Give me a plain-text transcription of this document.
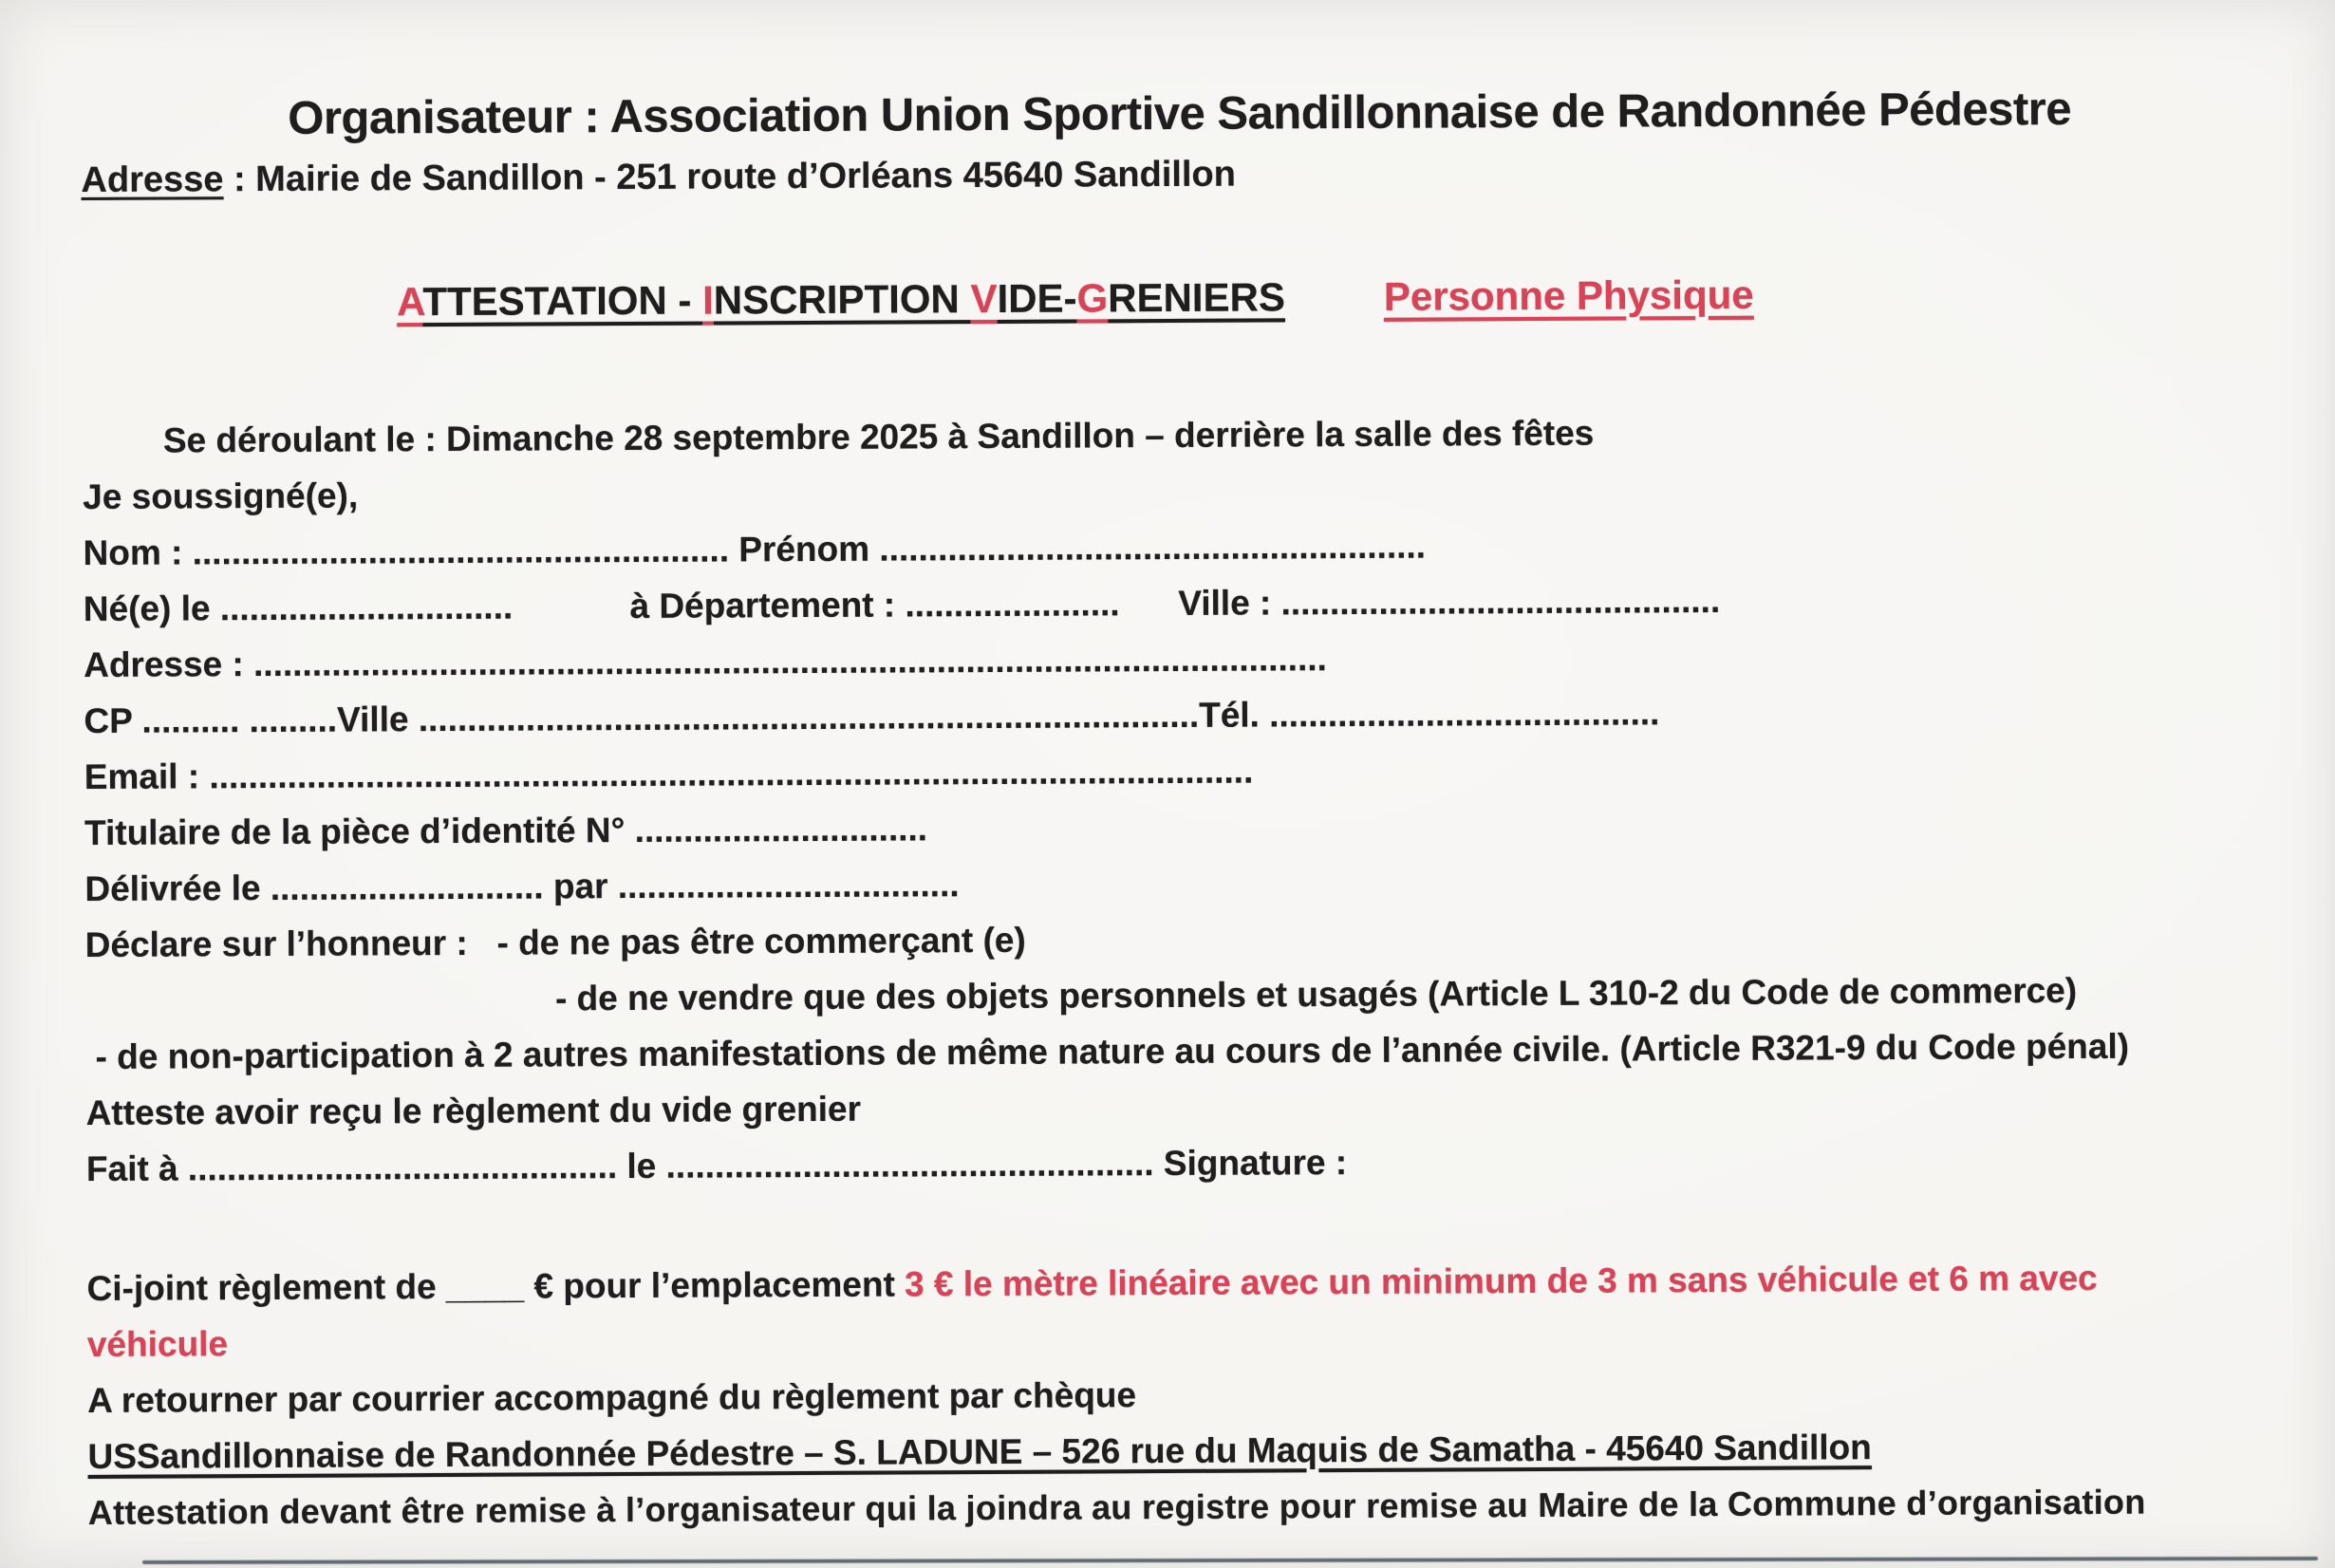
Organisateur : Association Union Sportive Sandillonnaise de Randonnée Pédestre

Adresse : Mairie de Sandillon - 251 route d’Orléans 45640 Sandillon

ATTESTATION - INSCRIPTION VIDE-GRENIERS Personne Physique

Se déroulant le : Dimanche 28 septembre 2025 à Sandillon – derrière la salle des fêtes

Je soussigné(e),

Nom : ....................................................... Prénom ........................................................

Né(e) le ..............................            à Département : ......................      Ville : .............................................

Adresse : ..............................................................................................................

CP .......... .........Ville ................................................................................Tél. ........................................

Email : ...........................................................................................................

Titulaire de la pièce d’identité N° ..............................

Délivrée le ............................ par ...................................

Déclare sur l’honneur :   - de ne pas être commerçant (e)

- de ne vendre que des objets personnels et usagés (Article L 310-2 du Code de commerce)

- de non-participation à 2 autres manifestations de même nature au cours de l’année civile. (Article R321-9 du Code pénal)

Atteste avoir reçu le règlement du vide grenier

Fait à ............................................ le .................................................. Signature :

Ci-joint règlement de ____ € pour l’emplacement 3 € le mètre linéaire avec un minimum de 3 m sans véhicule et 6 m avec
véhicule

A retourner par courrier accompagné du règlement par chèque

USSandillonnaise de Randonnée Pédestre – S. LADUNE – 526 rue du Maquis de Samatha - 45640 Sandillon

Attestation devant être remise à l’organisateur qui la joindra au registre pour remise au Maire de la Commune d’organisation
